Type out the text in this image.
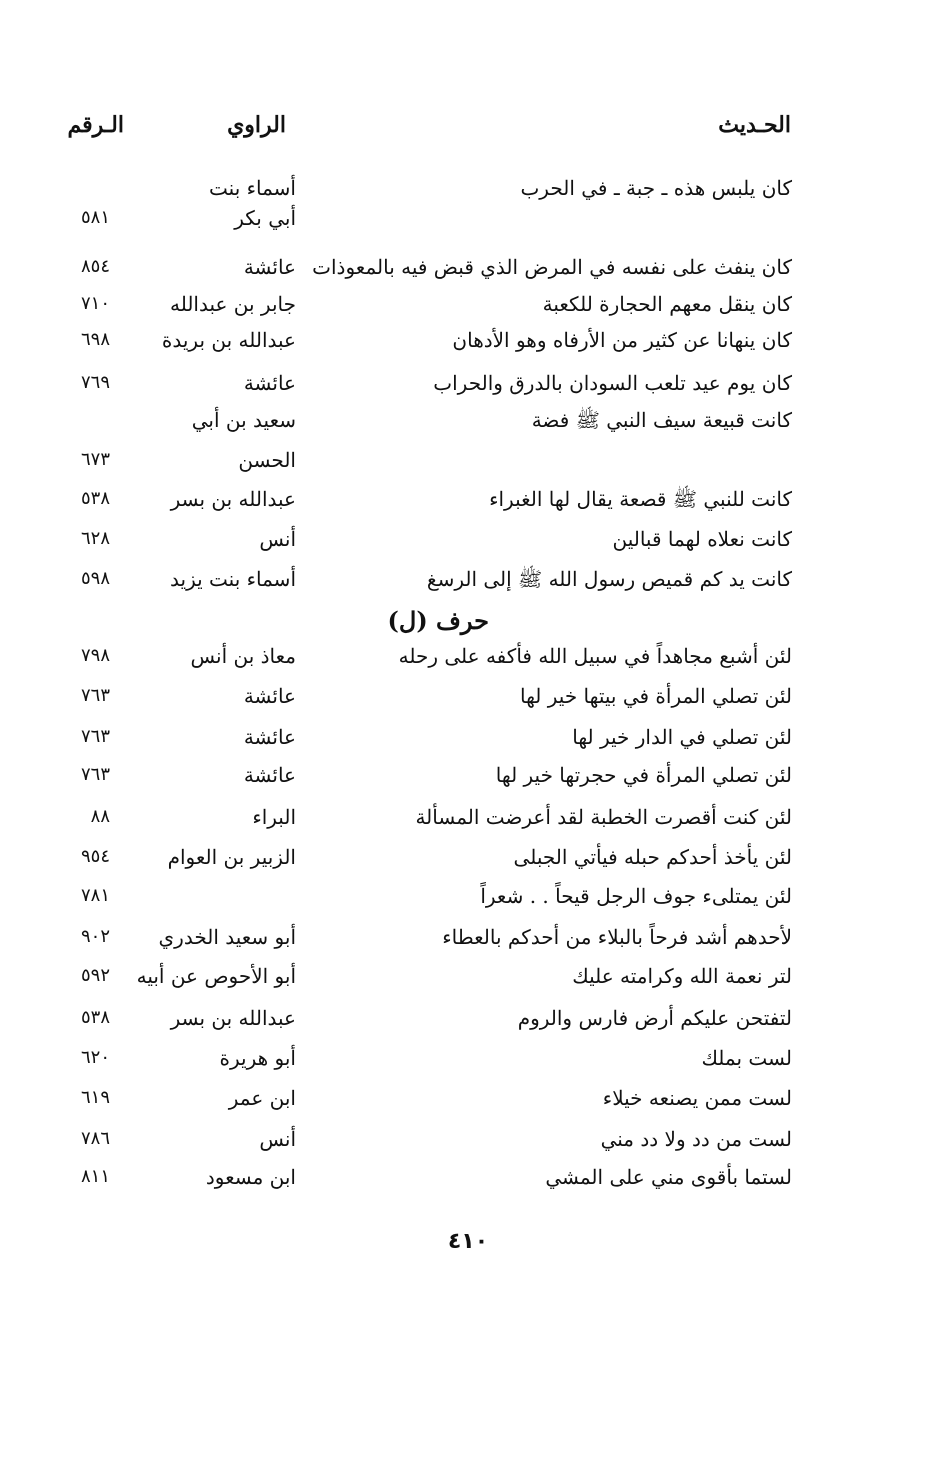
الحـديث
الراوي
الـرقم
كان يلبس هذه ـ جبة ـ في الحرب
أسماء بنت
أبي بكر
٥٨١
كان ينفث على نفسه في المرض الذي قبض فيه بالمعوذات
عائشة
٨٥٤
كان ينقل معهم الحجارة للكعبة
جابر بن عبدالله
٧١٠
كان ينهانا عن كثير من الأرفاه وهو الأدهان
عبدالله بن بريدة
٦٩٨
كان يوم عيد تلعب السودان بالدرق والحراب
عائشة
٧٦٩
كانت قبيعة سيف النبي ﷺ فضة
سعيد بن أبي
الحسن
٦٧٣
كانت للنبي ﷺ قصعة يقال لها الغبراء
عبدالله بن بسر
٥٣٨
كانت نعلاه لهما قبالين
أنس
٦٢٨
كانت يد كم قميص رسول الله ﷺ إلى الرسغ
أسماء بنت يزيد
٥٩٨
لئن أشبع مجاهداً في سبيل الله فأكفه على رحله
معاذ بن أنس
٧٩٨
لئن تصلي المرأة في بيتها خير لها
عائشة
٧٦٣
لئن تصلي في الدار خير لها
عائشة
٧٦٣
لئن تصلي المرأة في حجرتها خير لها
عائشة
٧٦٣
لئن كنت أقصرت الخطبة لقد أعرضت المسألة
البراء
٨٨
لئن يأخذ أحدكم حبله فيأتي الجبلى
الزبير بن العوام
٩٥٤
لئن يمتلىء جوف الرجل قيحاً . . شعراً
٧٨١
لأحدهم أشد فرحاً بالبلاء من أحدكم بالعطاء
أبو سعيد الخدري
٩٠٢
لتر نعمة الله وكرامته عليك
أبو الأحوص عن أبيه
٥٩٢
لتفتحن عليكم أرض فارس والروم
عبدالله بن بسر
٥٣٨
لست بملك
أبو هريرة
٦٢٠
لست ممن يصنعه خيلاء
ابن عمر
٦١٩
لست من دد ولا دد مني
أنس
٧٨٦
لستما بأقوى مني على المشي
ابن مسعود
٨١١
حرف (ل)
٤١٠
